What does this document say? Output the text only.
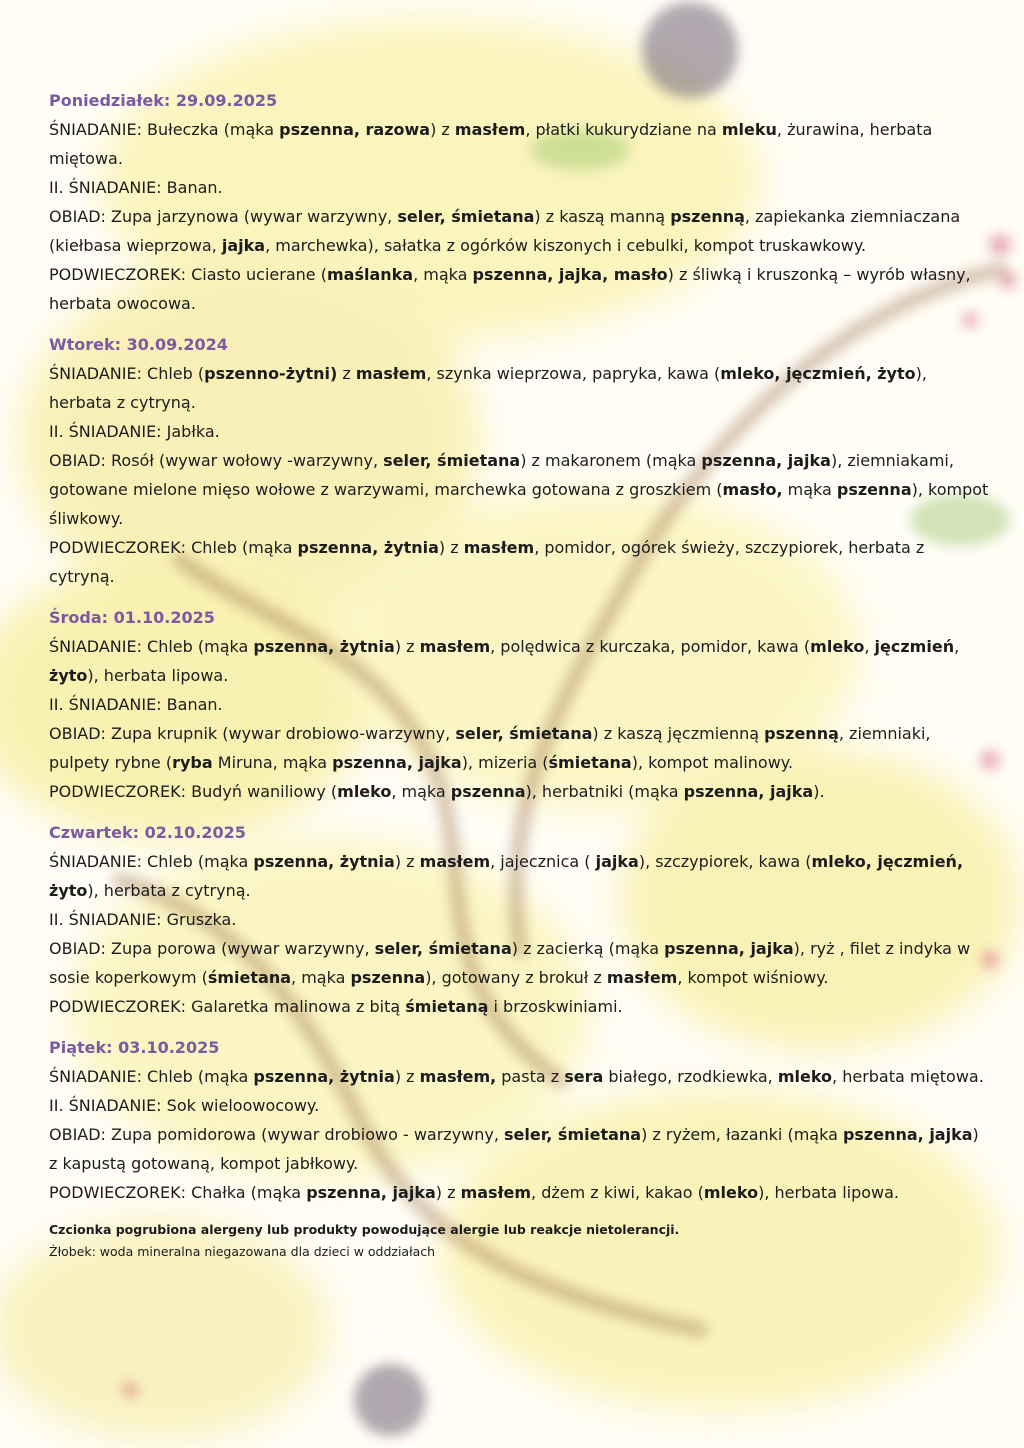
Poniedziałek: 29.09.2025
ŚNIADANIE: Bułeczka (mąka pszenna, razowa) z masłem, płatki kukurydziane na mleku, żurawina, herbata miętowa.
II. ŚNIADANIE: Banan.
OBIAD: Zupa jarzynowa (wywar warzywny, seler, śmietana) z kaszą manną pszenną, zapiekanka ziemniaczana (kiełbasa wieprzowa, jajka, marchewka), sałatka z ogórków kiszonych i cebulki, kompot truskawkowy.
PODWIECZOREK: Ciasto ucierane (maślanka, mąka pszenna, jajka, masło) z śliwką i kruszonką – wyrób własny, herbata owocowa.
Wtorek: 30.09.2024
ŚNIADANIE: Chleb (pszenno-żytni) z masłem, szynka wieprzowa, papryka, kawa (mleko, jęczmień, żyto), herbata z cytryną.
II. ŚNIADANIE: Jabłka.
OBIAD: Rosół (wywar wołowy -warzywny, seler, śmietana) z makaronem (mąka pszenna, jajka), ziemniakami, gotowane mielone mięso wołowe z warzywami, marchewka gotowana z groszkiem (masło, mąka pszenna), kompot śliwkowy.
PODWIECZOREK: Chleb (mąka pszenna, żytnia) z masłem, pomidor, ogórek świeży, szczypiorek, herbata z cytryną.
Środa: 01.10.2025
ŚNIADANIE: Chleb (mąka pszenna, żytnia) z masłem, polędwica z kurczaka, pomidor, kawa (mleko, jęczmień, żyto), herbata lipowa.
II. ŚNIADANIE: Banan.
OBIAD: Zupa krupnik (wywar drobiowo-warzywny, seler, śmietana) z kaszą jęczmienną pszenną, ziemniaki, pulpety rybne (ryba Miruna, mąka pszenna, jajka), mizeria (śmietana), kompot malinowy.
PODWIECZOREK: Budyń waniliowy (mleko, mąka pszenna), herbatniki (mąka pszenna, jajka).
Czwartek: 02.10.2025
ŚNIADANIE: Chleb (mąka pszenna, żytnia) z masłem, jajecznica ( jajka), szczypiorek, kawa (mleko, jęczmień, żyto), herbata z cytryną.
II. ŚNIADANIE: Gruszka.
OBIAD: Zupa porowa (wywar warzywny, seler, śmietana) z zacierką (mąka pszenna, jajka), ryż , filet z indyka w sosie koperkowym (śmietana, mąka pszenna), gotowany z brokuł z masłem, kompot wiśniowy.
PODWIECZOREK: Galaretka malinowa z bitą śmietaną i brzoskwiniami.
Piątek: 03.10.2025
ŚNIADANIE: Chleb (mąka pszenna, żytnia) z masłem, pasta z sera białego, rzodkiewka, mleko, herbata miętowa.
II. ŚNIADANIE: Sok wieloowocowy.
OBIAD: Zupa pomidorowa (wywar drobiowo - warzywny, seler, śmietana) z ryżem, łazanki (mąka pszenna, jajka) z kapustą gotowaną, kompot jabłkowy.
PODWIECZOREK: Chałka (mąka pszenna, jajka) z masłem, dżem z kiwi, kakao (mleko), herbata lipowa.
Czcionka pogrubiona alergeny lub produkty powodujące alergie lub reakcje nietolerancji.
Żłobek: woda mineralna niegazowana dla dzieci w oddziałach
